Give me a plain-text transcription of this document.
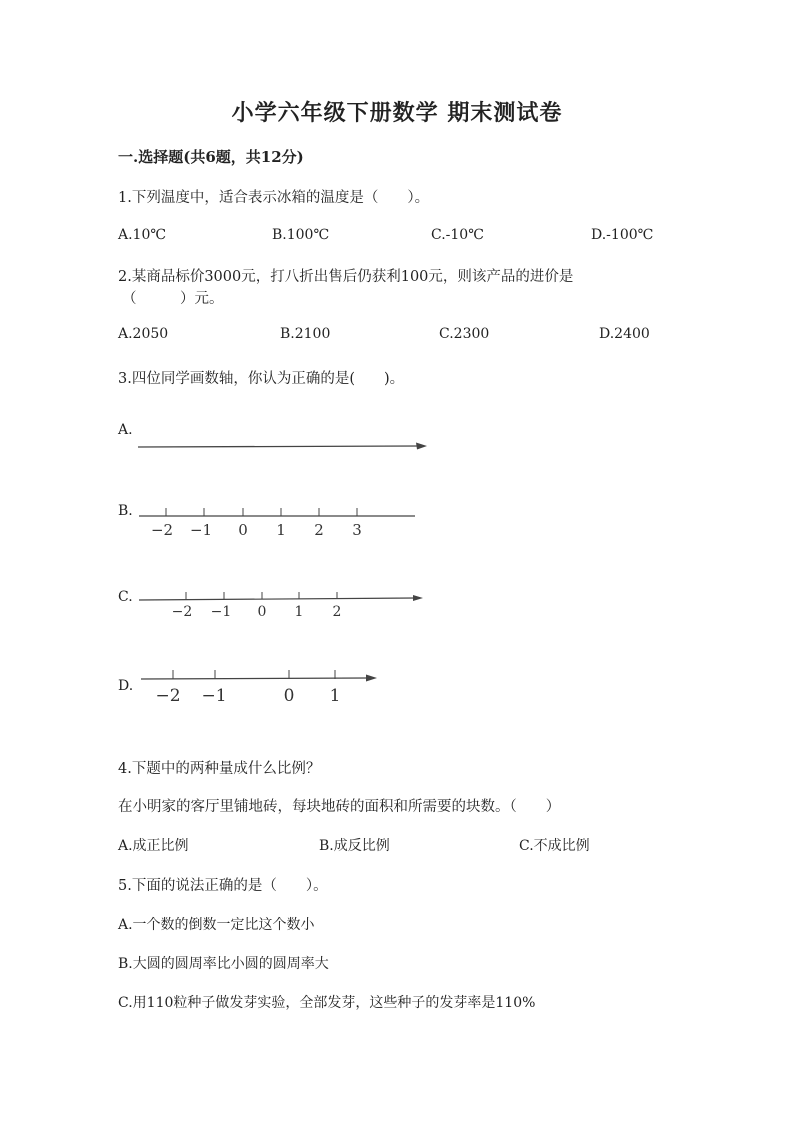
小学六年级下册数学 期末测试卷
一.选择题(共6题，共12分)
1.下列温度中，适合表示冰箱的温度是（　　）。
A.10℃	B.100℃	C.-10℃	D.-100℃
2.某商品标价3000元，打八折出售后仍获利100元，则该产品的进价是
（　　　）元。
A.2050	B.2100	C.2300	D.2400
3.四位同学画数轴，你认为正确的是(　　)。
A.
B.
−2 −1 0 1 2 3
C.
−2 −1 0 1 2
D. −2 −1	0 1
4.下题中的两种量成什么比例？
在小明家的客厅里铺地砖，每块地砖的面积和所需要的块数。（　　）
A.成正比例	B.成反比例	C.不成比例
5.下面的说法正确的是（　　）。
A.一个数的倒数一定比这个数小
B.大圆的圆周率比小圆的圆周率大
C.用110粒种子做发芽实验，全部发芽，这些种子的发芽率是110%
